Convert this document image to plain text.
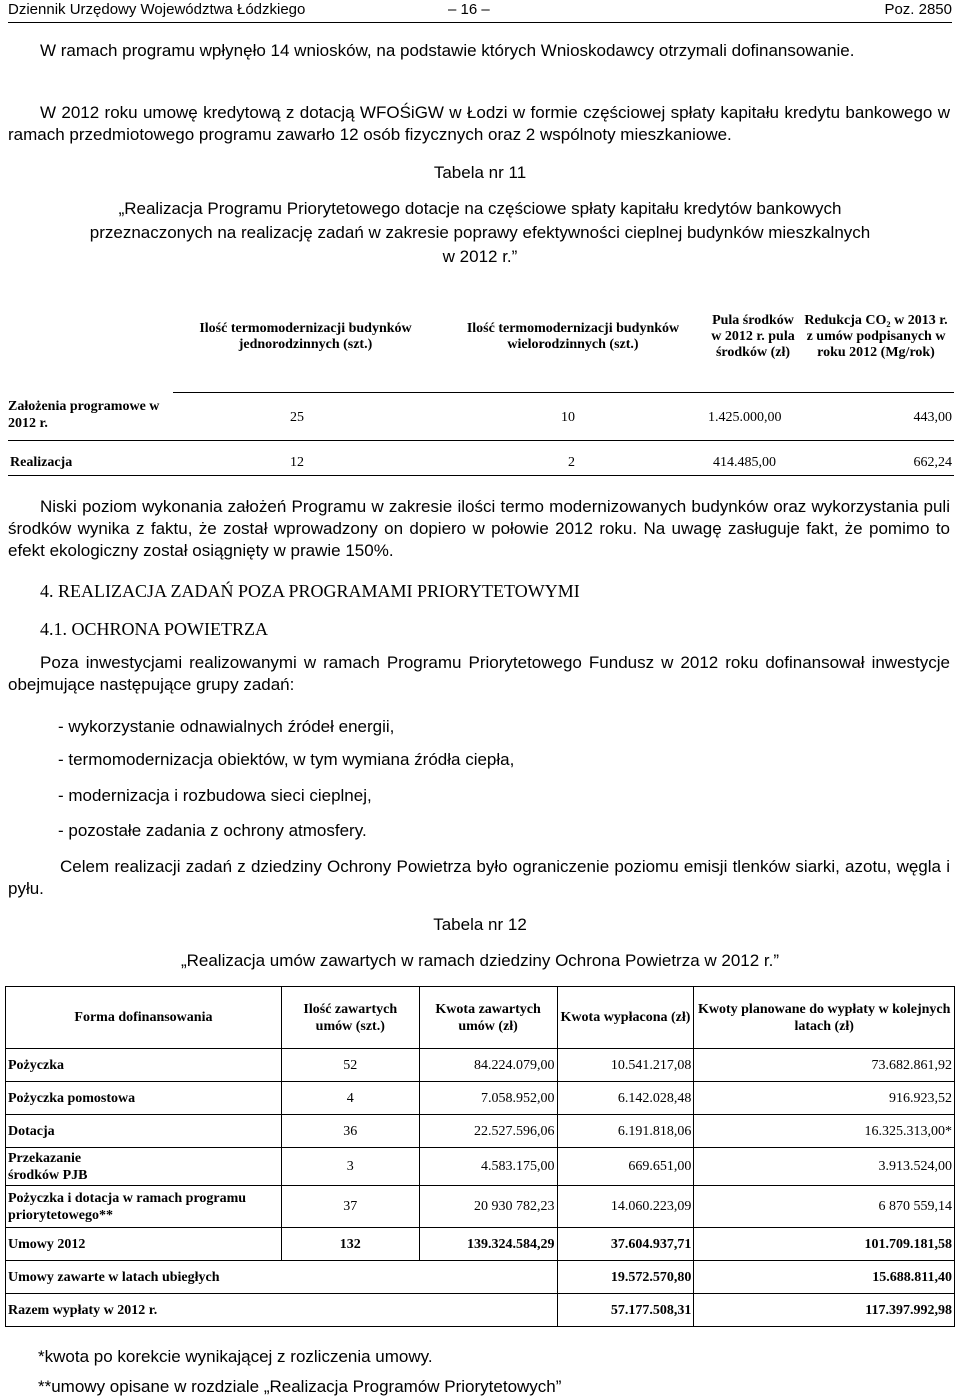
Dziennik Urzędowy Województwa Łódzkiego	– 16 –	Poz. 2850
W ramach programu wpłynęło 14 wniosków, na podstawie których Wnioskodawcy otrzymali dofinansowanie.
W 2012 roku umowę kredytową z dotacją WFOŚiGW w Łodzi w formie częściowej spłaty kapitału kredytu bankowego w ramach przedmiotowego programu zawarło 12 osób fizycznych oraz 2 wspólnoty mieszkaniowe.
Tabela nr 11
„Realizacja Programu Priorytetowego dotacje na częściowe spłaty kapitału kredytów bankowych
przeznaczonych na realizację zadań w zakresie poprawy efektywności cieplnej budynków mieszkalnych
w 2012 r.”
	Ilość termomodernizacji budynków jednorodzinnych (szt.)	Ilość termomodernizacji budynków wielorodzinnych (szt.)	Pula środków w 2012 r. pula środków (zł)	Redukcja CO₂ w 2013 r. z umów podpisanych w roku 2012 (Mg/rok)

Założenia programowe w 2012 r.	25	10	1.425.000,00	443,00
Realizacja	12	2	414.485,00	662,24
Niski poziom wykonania założeń Programu w zakresie ilości termo modernizowanych budynków oraz wykorzystania puli środków wynika z faktu, że został wprowadzony on dopiero w połowie 2012 roku. Na uwagę zasługuje fakt, że pomimo to efekt ekologiczny został osiągnięty w prawie 150%.
4. REALIZACJA ZADAŃ POZA PROGRAMAMI PRIORYTETOWYMI
4.1. OCHRONA POWIETRZA
Poza inwestycjami realizowanymi w ramach Programu Priorytetowego Fundusz w 2012 roku dofinansował inwestycje obejmujące następujące grupy zadań:
- wykorzystanie odnawialnych źródeł energii,
- termomodernizacja obiektów, w tym wymiana źródła ciepła,
- modernizacja i rozbudowa sieci cieplnej,
- pozostałe zadania z ochrony atmosfery.
Celem realizacji zadań z dziedziny Ochrony Powietrza było ograniczenie poziomu emisji tlenków siarki, azotu, węgla i pyłu.
Tabela nr 12
„Realizacja umów zawartych w ramach dziedziny Ochrona Powietrza w 2012 r.”
Forma dofinansowania	Ilość zawartych umów (szt.)	Kwota zawartych umów (zł)	Kwota wypłacona (zł)	Kwoty planowane do wypłaty w kolejnych latach (zł)
Pożyczka	52	84.224.079,00	10.541.217,08	73.682.861,92
Pożyczka pomostowa	4	7.058.952,00	6.142.028,48	916.923,52
Dotacja	36	22.527.596,06	6.191.818,06	16.325.313,00*
Przekazanie środków PJB	3	4.583.175,00	669.651,00	3.913.524,00
Pożyczka i dotacja w ramach programu priorytetowego**	37	20 930 782,23	14.060.223,09	6 870 559,14
Umowy 2012	132	139.324.584,29	37.604.937,71	101.709.181,58
Umowy zawarte w latach ubiegłych			19.572.570,80	15.688.811,40
Razem wypłaty w 2012 r.			57.177.508,31	117.397.992,98
*kwota po korekcie wynikającej z rozliczenia umowy.
**umowy opisane w rozdziale „Realizacja Programów Priorytetowych”
